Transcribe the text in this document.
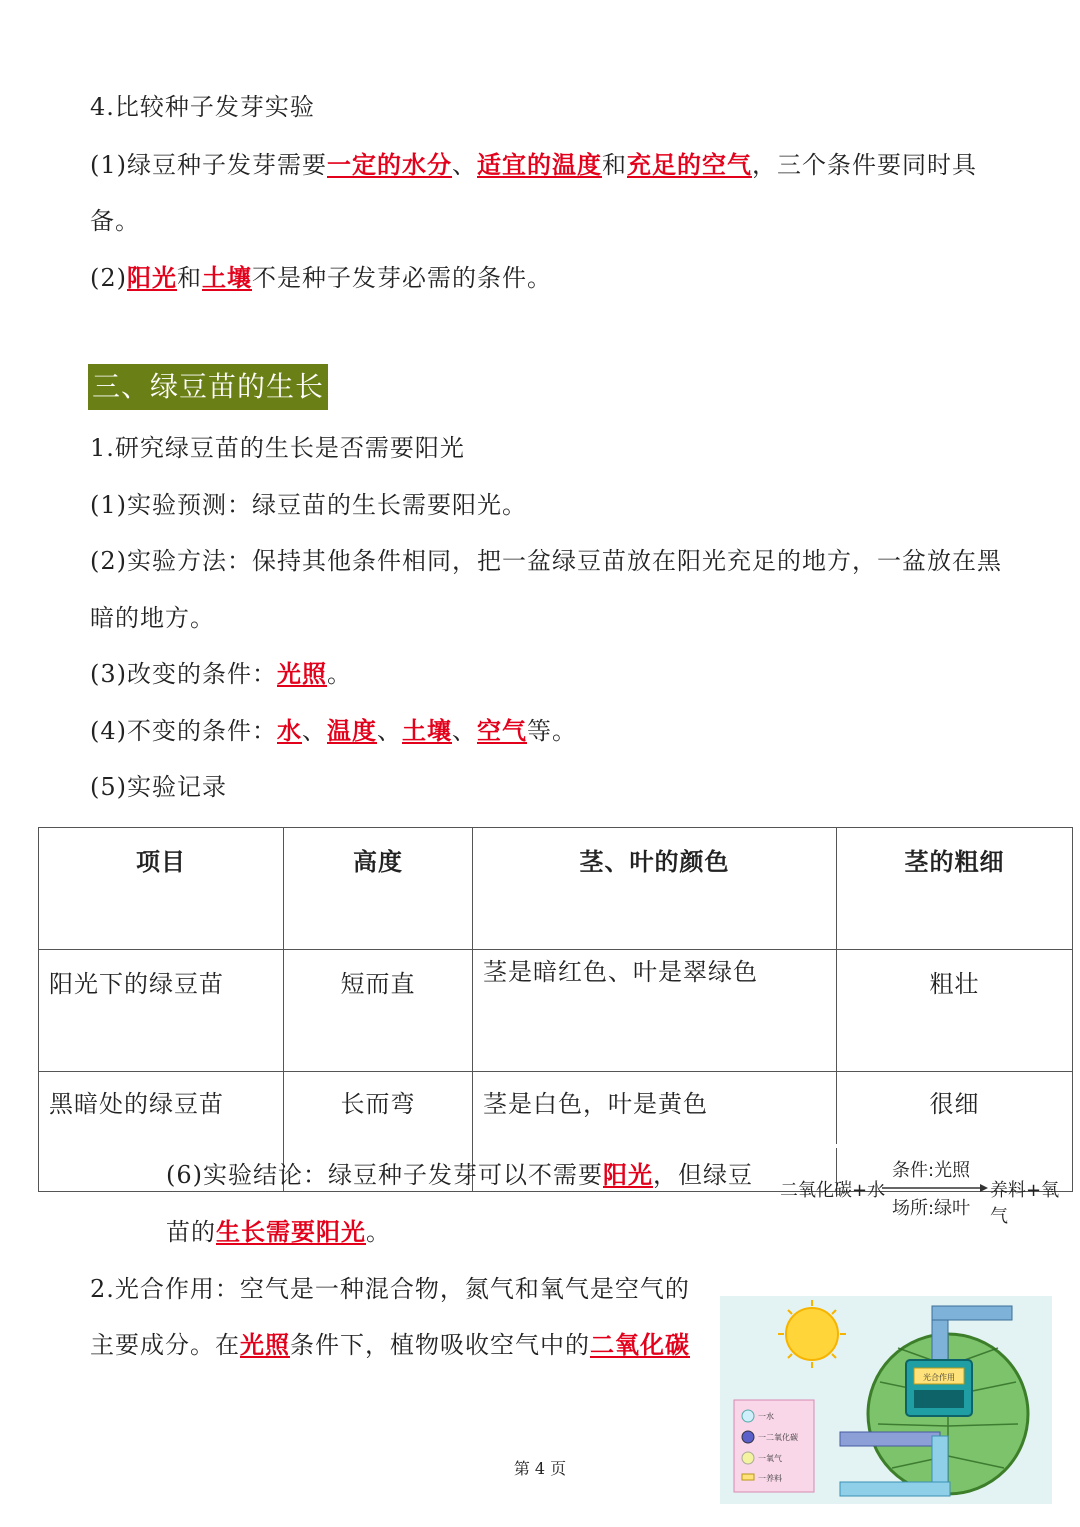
4.比较种子发芽实验
(1)绿豆种子发芽需要一定的水分、适宜的温度和充足的空气，三个条件要同时具
备。
(2)阳光和土壤不是种子发芽必需的条件。
三、绿豆苗的生长
1.研究绿豆苗的生长是否需要阳光
(1)实验预测：绿豆苗的生长需要阳光。
(2)实验方法：保持其他条件相同，把一盆绿豆苗放在阳光充足的地方，一盆放在黑
暗的地方。
(3)改变的条件：光照。
(4)不变的条件：水、温度、土壤、空气等。
(5)实验记录
项目	高度	茎、叶的颜色	茎的粗细
阳光下的绿豆苗	短而直	茎是暗红色、叶是翠绿色	粗壮
黑暗处的绿豆苗	长而弯	茎是白色，叶是黄色	很细
(6)实验结论：绿豆种子发芽可以不需要阳光，但绿豆
苗的生长需要阳光。
二氧化碳+水
条件:光照
场所:绿叶
养料+氧气
2.光合作用：空气是一种混合物，氮气和氧气是空气的
主要成分。在光照条件下，植物吸收空气中的二氧化碳
光合作用
一水
一二氧化碳
一氧气
一养料
第 4 页
